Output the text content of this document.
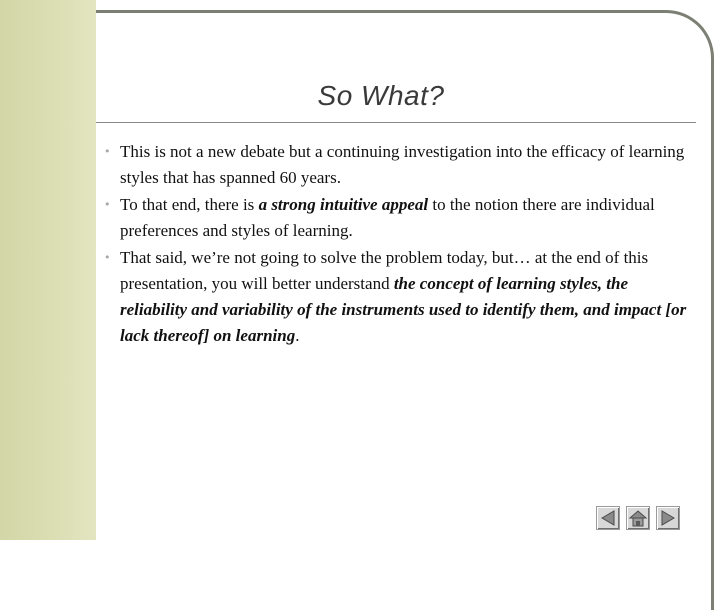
So What?
• This is not a new debate but a continuing investigation into the efficacy of learning styles that has spanned 60 years.
• To that end, there is a strong intuitive appeal to the notion there are individual preferences and styles of learning.
• That said, we’re not going to solve the problem today, but… at the end of this presentation, you will better understand the concept of learning styles, the reliability and variability of the instruments used to identify them, and impact [or lack thereof] on learning.
